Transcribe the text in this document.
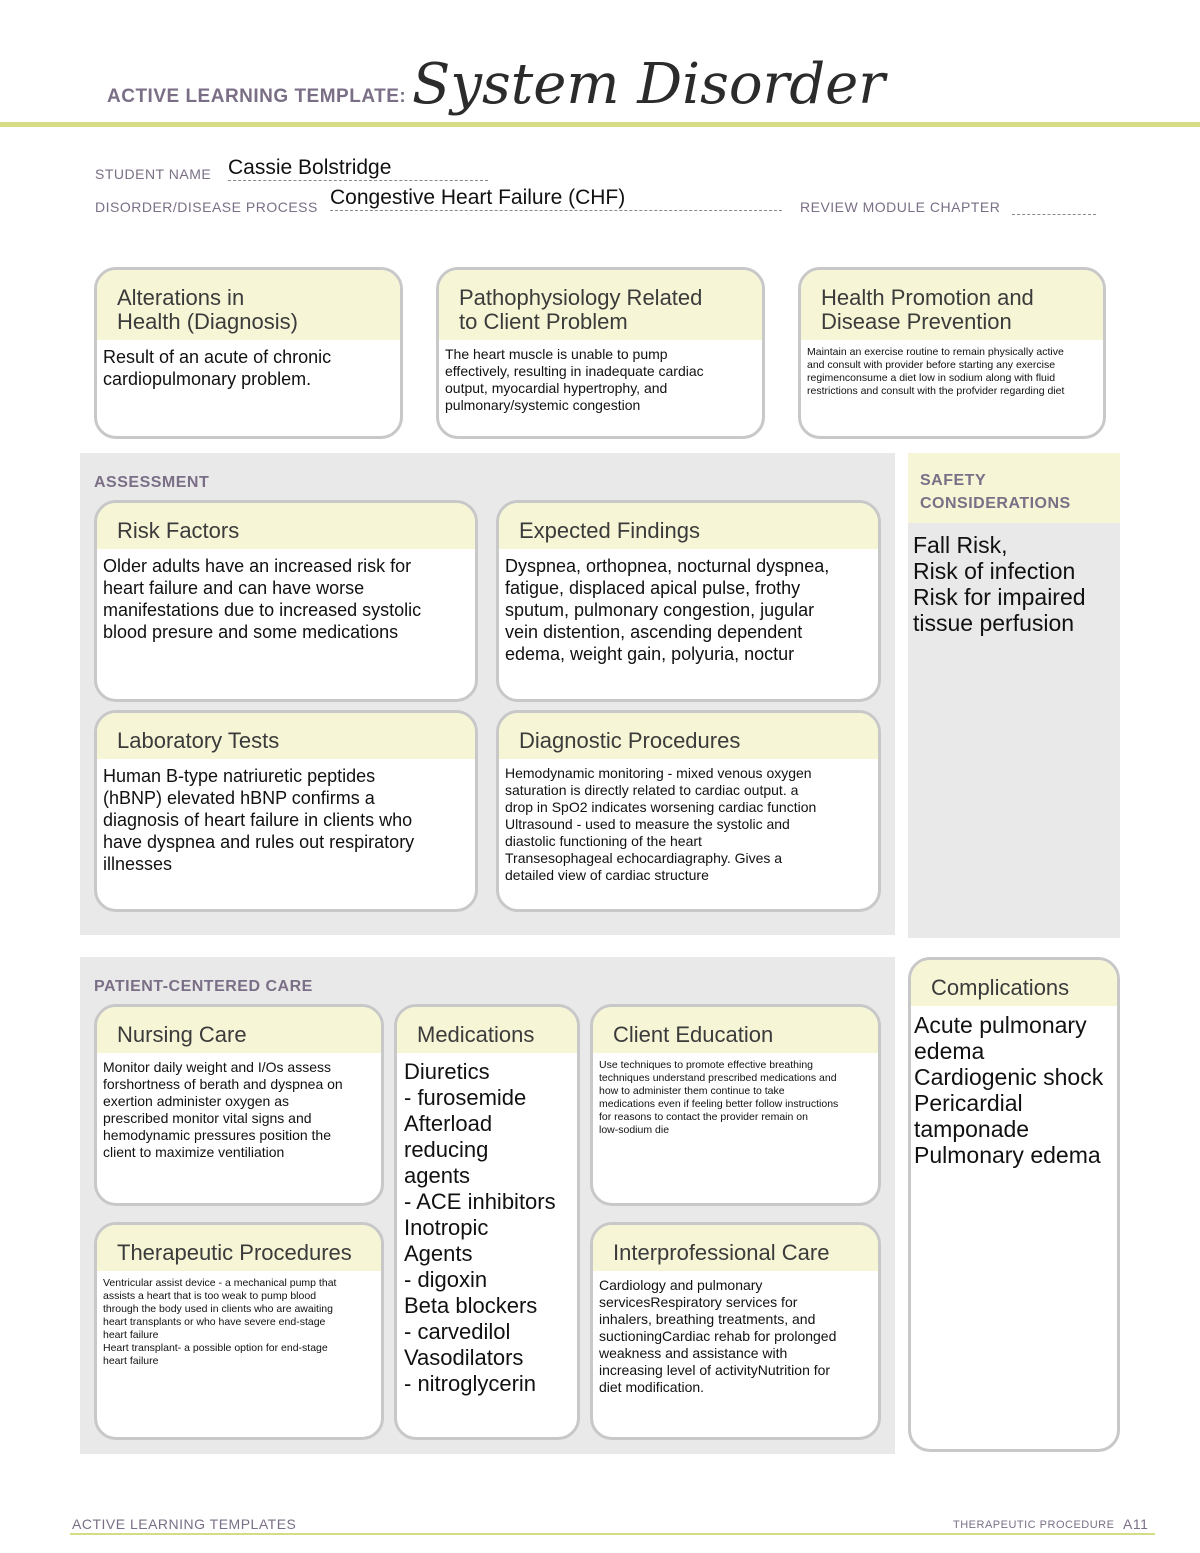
ACTIVE LEARNING TEMPLATE: System Disorder
STUDENT NAME Cassie Bolstridge
DISORDER/DISEASE PROCESS Congestive Heart Failure (CHF)	REVIEW MODULE CHAPTER
Alterations in
Health (Diagnosis)
Result of an acute of chronic
cardiopulmonary problem.
Pathophysiology Related
to Client Problem
The heart muscle is unable to pump
effectively, resulting in inadequate cardiac
output, myocardial hypertrophy, and
pulmonary/systemic congestion
Health Promotion and
Disease Prevention
Maintain an exercise routine to remain physically active
and consult with provider before starting any exercise
regimenconsume a diet low in sodium along with fluid
restrictions and consult with the profvider regarding diet
ASSESSMENT
Risk Factors
Older adults have an increased risk for
heart failure and can have worse
manifestations due to increased systolic
blood presure and some medications
Expected Findings
Dyspnea, orthopnea, nocturnal dyspnea,
fatigue, displaced apical pulse, frothy
sputum, pulmonary congestion, jugular
vein distention, ascending dependent
edema, weight gain, polyuria, noctur
Laboratory Tests
Human B-type natriuretic peptides
(hBNP) elevated hBNP confirms a
diagnosis of heart failure in clients who
have dyspnea and rules out respiratory
illnesses
Diagnostic Procedures
Hemodynamic monitoring - mixed venous oxygen
saturation is directly related to cardiac output. a
drop in SpO2 indicates worsening cardiac function
Ultrasound - used to measure the systolic and
diastolic functioning of the heart
Transesophageal echocardiagraphy. Gives a
detailed view of cardiac structure
SAFETY
CONSIDERATIONS
Fall Risk,
Risk of infection
Risk for impaired
tissue perfusion
PATIENT-CENTERED CARE
Nursing Care
Monitor daily weight and I/Os assess
forshortness of berath and dyspnea on
exertion administer oxygen as
prescribed monitor vital signs and
hemodynamic pressures position the
client to maximize ventiliation
Medications
Diuretics
- furosemide
Afterload
reducing
agents
- ACE inhibitors
Inotropic
Agents
- digoxin
Beta blockers
- carvedilol
Vasodilators
- nitroglycerin
Client Education
Use techniques to promote effective breathing
techniques understand prescribed medications and
how to administer them continue to take
medications even if feeling better follow instructions
for reasons to contact the provider remain on
low-sodium die
Therapeutic Procedures
Ventricular assist device - a mechanical pump that
assists a heart that is too weak to pump blood
through the body used in clients who are awaiting
heart transplants or who have severe end-stage
heart failure
Heart transplant- a possible option for end-stage
heart failure
Interprofessional Care
Cardiology and pulmonary
servicesRespiratory services for
inhalers, breathing treatments, and
suctioningCardiac rehab for prolonged
weakness and assistance with
increasing level of activityNutrition for
diet modification.
Complications
Acute pulmonary
edema
Cardiogenic shock
Pericardial
tamponade
Pulmonary edema
ACTIVE LEARNING TEMPLATES	THERAPEUTIC PROCEDURE A11
